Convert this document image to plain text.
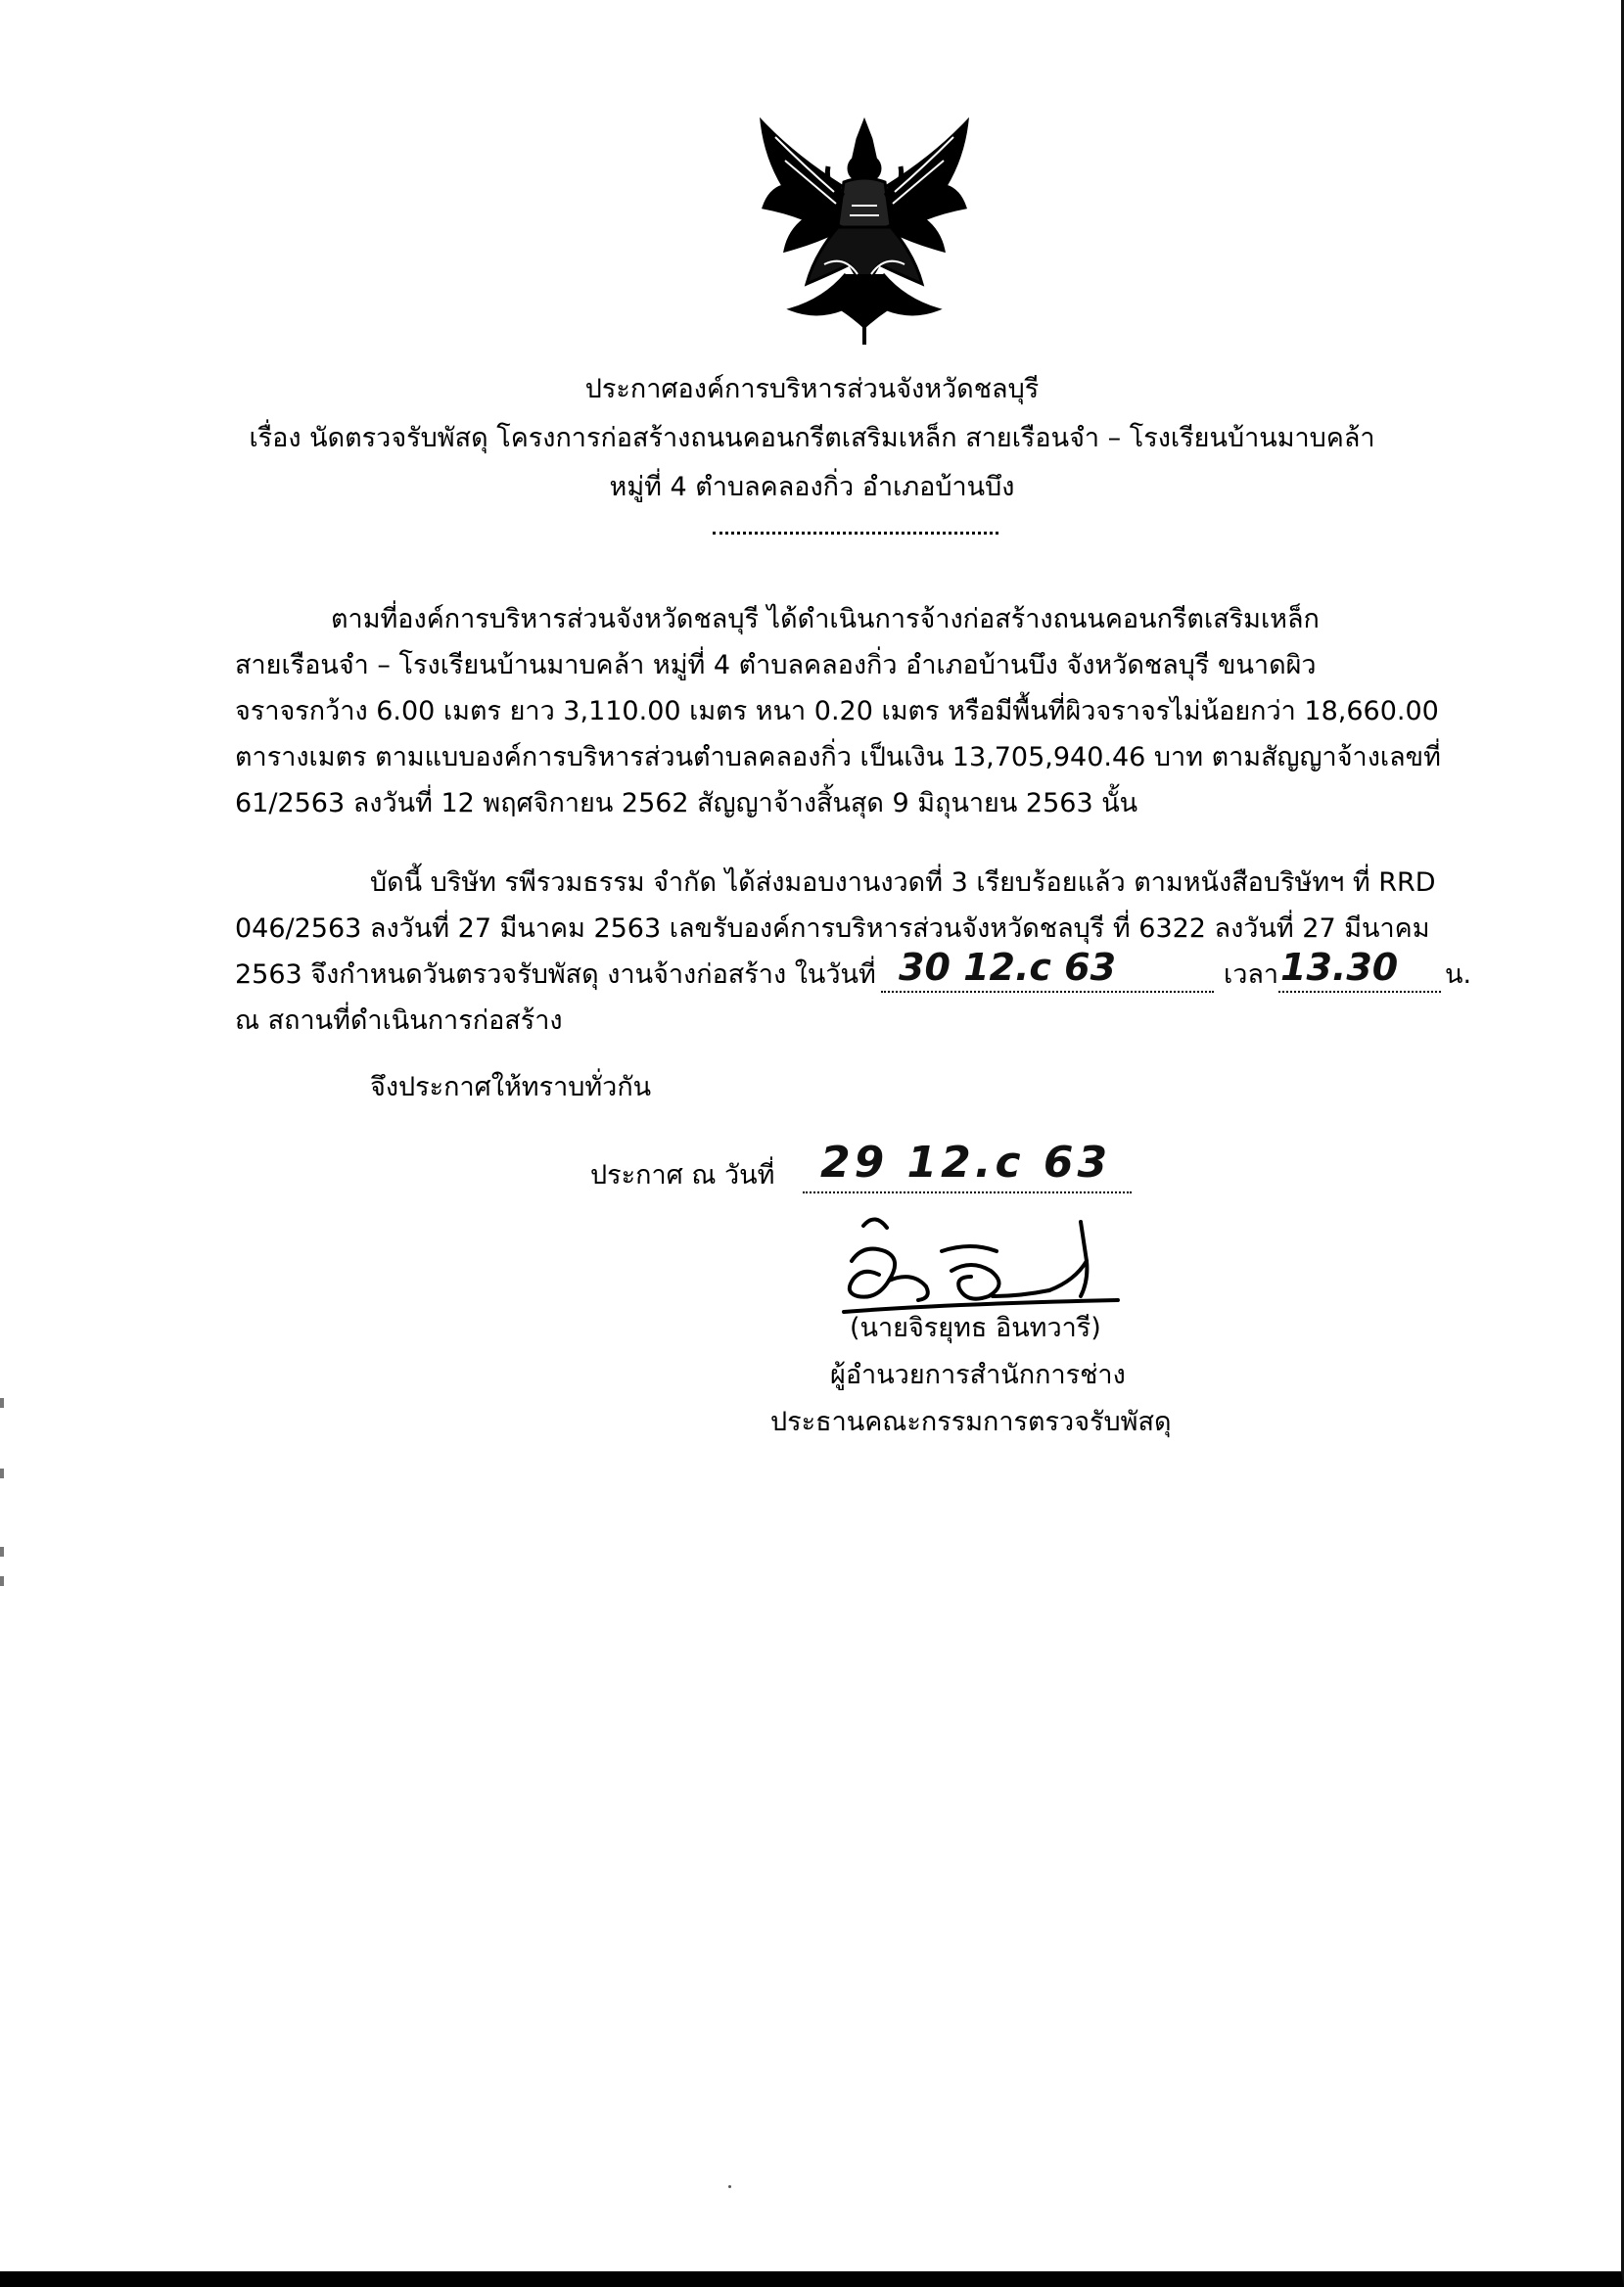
ประกาศองค์การบริหารส่วนจังหวัดชลบุรี
เรื่อง นัดตรวจรับพัสดุ โครงการก่อสร้างถนนคอนกรีตเสริมเหล็ก สายเรือนจำ – โรงเรียนบ้านมาบคล้า
หมู่ที่ 4 ตำบลคลองกิ่ว อำเภอบ้านบึง
ตามที่องค์การบริหารส่วนจังหวัดชลบุรี ได้ดำเนินการจ้างก่อสร้างถนนคอนกรีตเสริมเหล็ก
สายเรือนจำ – โรงเรียนบ้านมาบคล้า หมู่ที่ 4 ตำบลคลองกิ่ว อำเภอบ้านบึง จังหวัดชลบุรี ขนาดผิว
จราจรกว้าง 6.00 เมตร ยาว 3,110.00 เมตร หนา 0.20 เมตร หรือมีพื้นที่ผิวจราจรไม่น้อยกว่า 18,660.00
ตารางเมตร ตามแบบองค์การบริหารส่วนตำบลคลองกิ่ว เป็นเงิน 13,705,940.46 บาท ตามสัญญาจ้างเลขที่
61/2563 ลงวันที่ 12 พฤศจิกายน 2562 สัญญาจ้างสิ้นสุด 9 มิถุนายน 2563 นั้น
บัดนี้ บริษัท รพีรวมธรรม จำกัด ได้ส่งมอบงานงวดที่ 3 เรียบร้อยแล้ว ตามหนังสือบริษัทฯ ที่ RRD
046/2563 ลงวันที่ 27 มีนาคม 2563 เลขรับองค์การบริหารส่วนจังหวัดชลบุรี ที่ 6322 ลงวันที่ 27 มีนาคม
2563 จึงกำหนดวันตรวจรับพัสดุ งานจ้างก่อสร้าง ในวันที่ 30 12.c 63	เวลา 13.30 น.
ณ สถานที่ดำเนินการก่อสร้าง
จึงประกาศให้ทราบทั่วกัน
ประกาศ ณ วันที่ 29 12.c 63
(นายจิรยุทธ อินทวารี)
ผู้อำนวยการสำนักการช่าง
ประธานคณะกรรมการตรวจรับพัสดุ
